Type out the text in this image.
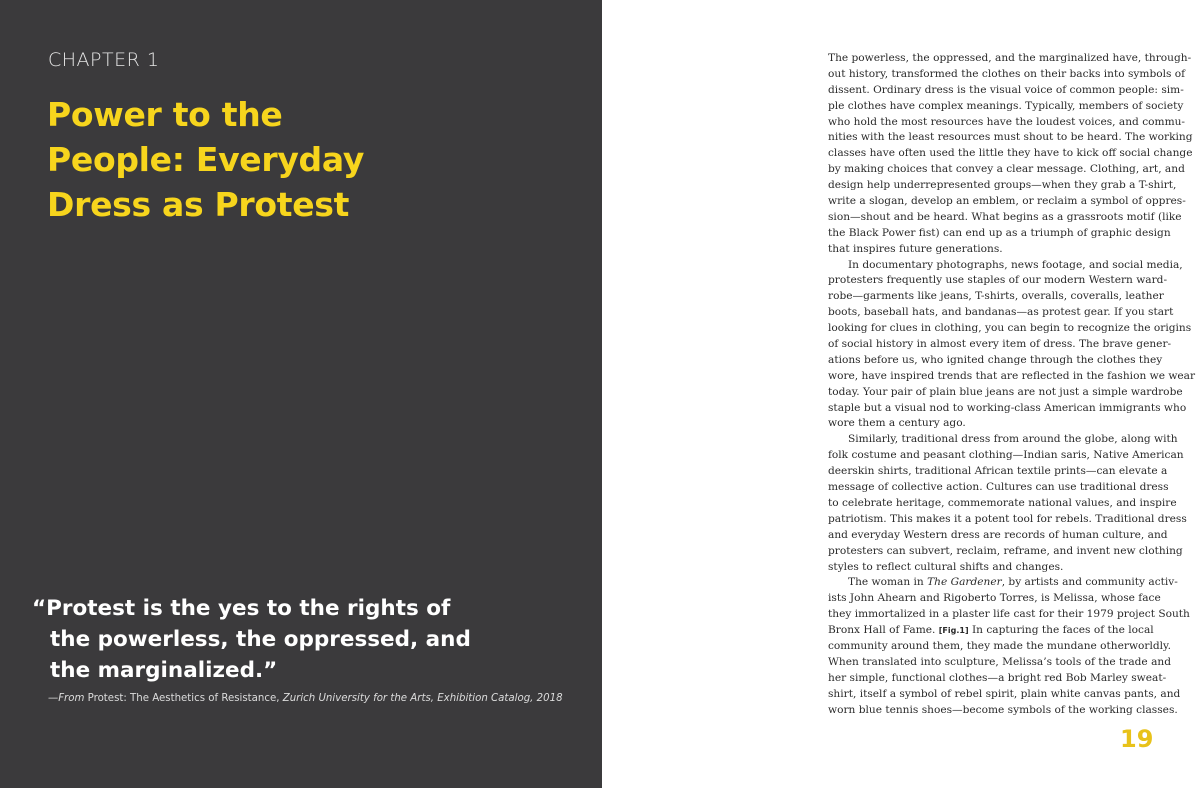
CHAPTER 1

Power to the
People: Everyday
Dress as Protest
“Protest is the yes to the rights of
the powerless, the oppressed, and
the marginalized.”

—From Protest: The Aesthetics of Resistance, Zurich University for the Arts, Exhibition Catalog, 2018

The powerless, the oppressed, and the marginalized have, through-
out history, transformed the clothes on their backs into symbols of
dissent. Ordinary dress is the visual voice of common people: sim-
ple clothes have complex meanings. Typically, members of society
who hold the most resources have the loudest voices, and commu-
nities with the least resources must shout to be heard. The working
classes have often used the little they have to kick off social change
by making choices that convey a clear message. Clothing, art, and
design help underrepresented groups—when they grab a T-shirt,
write a slogan, develop an emblem, or reclaim a symbol of oppres-
sion—shout and be heard. What begins as a grassroots motif (like
the Black Power fist) can end up as a triumph of graphic design
that inspires future generations.
In documentary photographs, news footage, and social media,
protesters frequently use staples of our modern Western ward-
robe—garments like jeans, T-shirts, overalls, coveralls, leather
boots, baseball hats, and bandanas—as protest gear. If you start
looking for clues in clothing, you can begin to recognize the origins
of social history in almost every item of dress. The brave gener-
ations before us, who ignited change through the clothes they
wore, have inspired trends that are reflected in the fashion we wear
today. Your pair of plain blue jeans are not just a simple wardrobe
staple but a visual nod to working-class American immigrants who
wore them a century ago.
Similarly, traditional dress from around the globe, along with
folk costume and peasant clothing—Indian saris, Native American
deerskin shirts, traditional African textile prints—can elevate a
message of collective action. Cultures can use traditional dress
to celebrate heritage, commemorate national values, and inspire
patriotism. This makes it a potent tool for rebels. Traditional dress
and everyday Western dress are records of human culture, and
protesters can subvert, reclaim, reframe, and invent new clothing
styles to reflect cultural shifts and changes.
The woman in The Gardener, by artists and community activ-
ists John Ahearn and Rigoberto Torres, is Melissa, whose face
they immortalized in a plaster life cast for their 1979 project South
Bronx Hall of Fame. [Fig.1] In capturing the faces of the local
community around them, they made the mundane otherworldly.
When translated into sculpture, Melissa’s tools of the trade and
her simple, functional clothes—a bright red Bob Marley sweat-
shirt, itself a symbol of rebel spirit, plain white canvas pants, and
worn blue tennis shoes—become symbols of the working classes.

19
